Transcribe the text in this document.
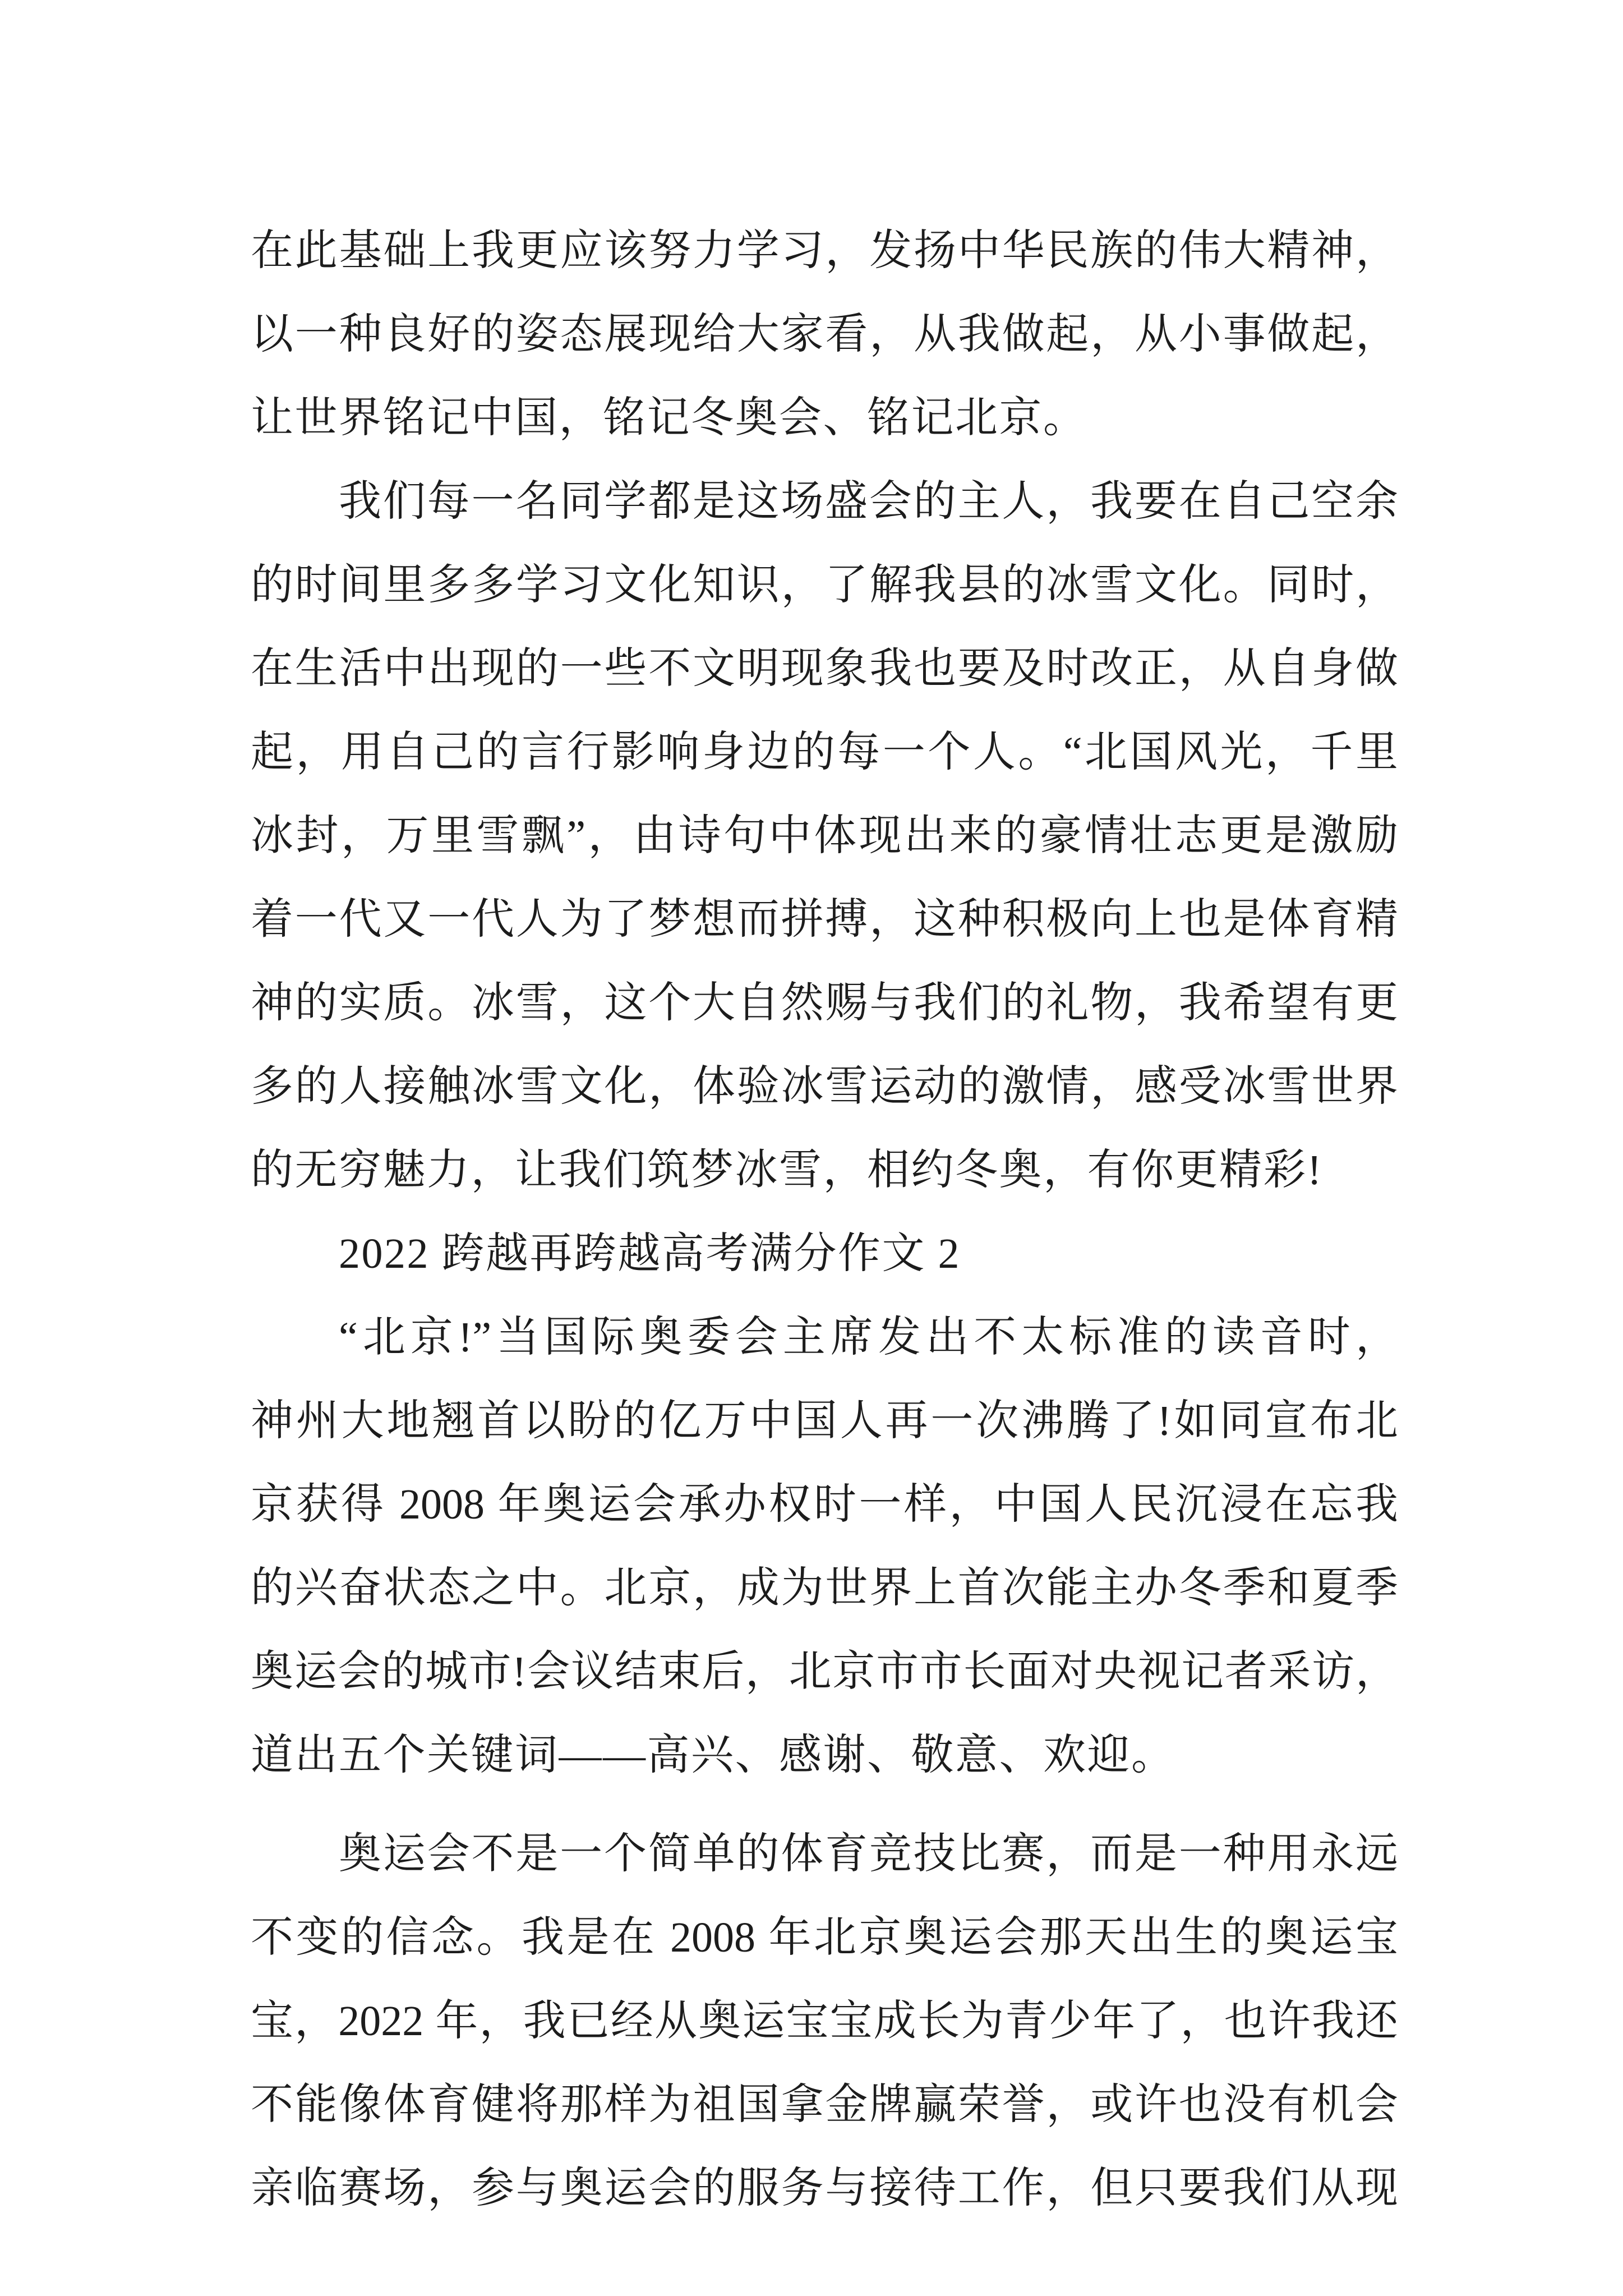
在此基础上我更应该努力学习，发扬中华民族的伟大精神，
以一种良好的姿态展现给大家看，从我做起，从小事做起，
让世界铭记中国，铭记冬奥会、铭记北京。
我们每一名同学都是这场盛会的主人，我要在自己空余
的时间里多多学习文化知识，了解我县的冰雪文化。同时，
在生活中出现的一些不文明现象我也要及时改正，从自身做
起，用自己的言行影响身边的每一个人。“北国风光，千里
冰封，万里雪飘”，由诗句中体现出来的豪情壮志更是激励
着一代又一代人为了梦想而拼搏，这种积极向上也是体育精
神的实质。冰雪，这个大自然赐与我们的礼物，我希望有更
多的人接触冰雪文化，体验冰雪运动的激情，感受冰雪世界
的无穷魅力，让我们筑梦冰雪，相约冬奥，有你更精彩!
2022 跨越再跨越高考满分作文 2
“北京!”当国际奥委会主席发出不太标准的读音时，
神州大地翘首以盼的亿万中国人再一次沸腾了!如同宣布北
京获得 2008 年奥运会承办权时一样，中国人民沉浸在忘我
的兴奋状态之中。北京，成为世界上首次能主办冬季和夏季
奥运会的城市!会议结束后，北京市市长面对央视记者采访，
道出五个关键词——高兴、感谢、敬意、欢迎。
奥运会不是一个简单的体育竞技比赛，而是一种用永远
不变的信念。我是在 2008 年北京奥运会那天出生的奥运宝
宝，2022 年，我已经从奥运宝宝成长为青少年了，也许我还
不能像体育健将那样为祖国拿金牌赢荣誉，或许也没有机会
亲临赛场，参与奥运会的服务与接待工作，但只要我们从现
